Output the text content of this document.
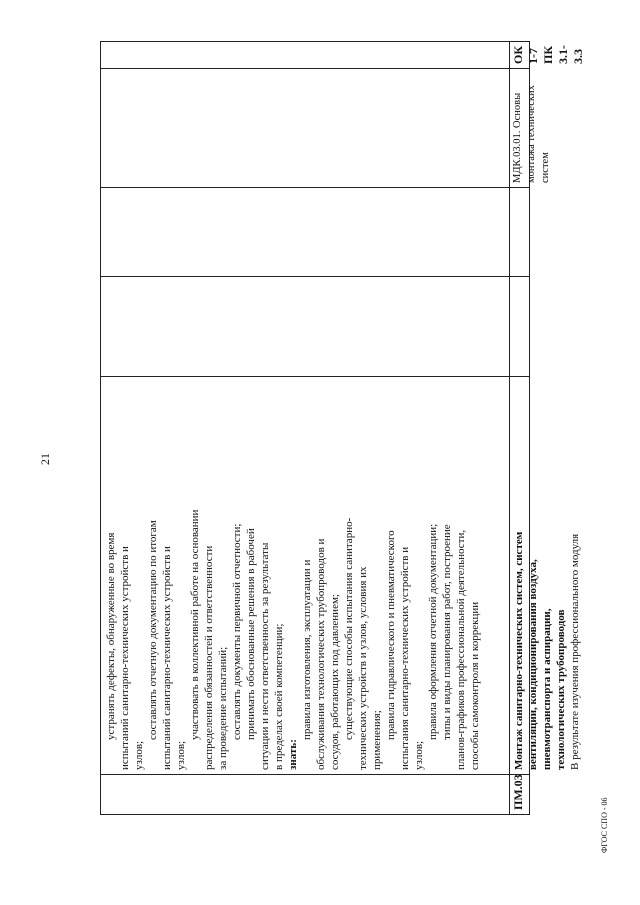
21

устранять дефекты, обнаруженные во время испытаний санитарно-технических устройств и узлов;

составлять отчетную документацию по итогам испытаний санитарно-технических устройств и узлов;

участвовать в коллективной работе на основании распределения обязанностей и ответственности за проведение испытаний; составлять документы первичной отчетности; принимать обоснованные решения в рабочей ситуации и нести ответственность за результаты в пределах своей компетенции; знать:

правила изготовления, эксплуатации и обслуживания технологических трубопроводов и сосудов, работающих под давлением; существующие способы испытания санитарно- технических устройств и узлов, условия их применения;

правила гидравлического и пневматического испытания санитарно-технических устройств и узлов;

правила оформления отчетной документации; типы и виды планирования работ, построение планов-графиков профессиональной деятельности, способы самоконтроля и коррекции

ПМ.03

Монтаж санитарно-технических систем, систем вентиляции, кондиционирования воздуха, пневмотранспорта и аспирации, технологических трубопроводов В результате изучения профессионального модуля

МДК.03.01. Основы монтажа технических систем

ОК 1-7 ПК 3.1-3.3

ФГОС СПО - 06
